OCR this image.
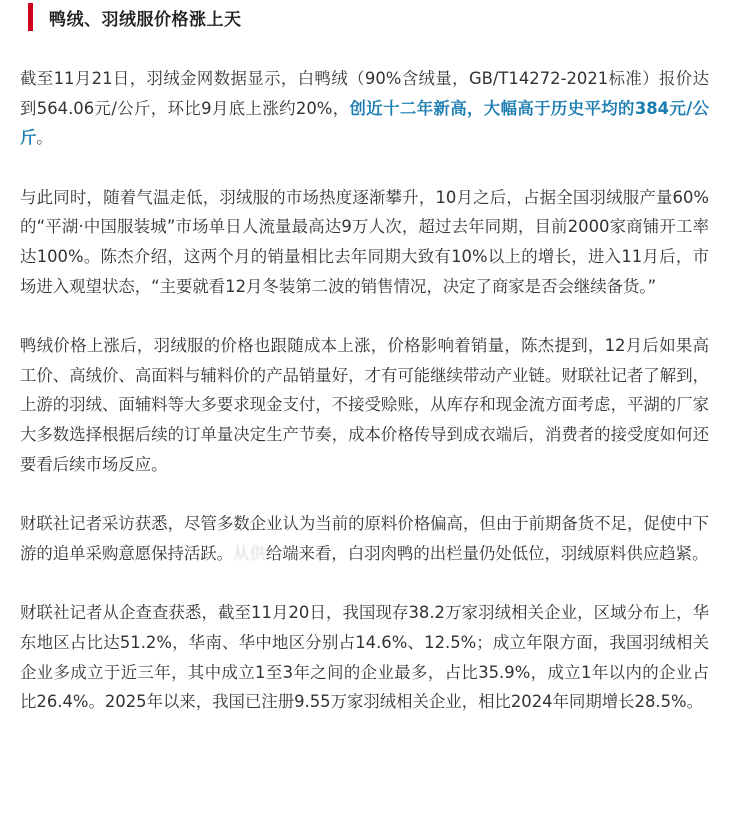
鸭绒、羽绒服价格涨上天

截至11月21日，羽绒金网数据显示，白鸭绒（90%含绒量，GB/T14272-2021标准）报价达到564.06元/公斤，环比9月底上涨约20%，创近十二年新高，大幅高于历史平均的384元/公斤。

与此同时，随着气温走低，羽绒服的市场热度逐渐攀升，10月之后，占据全国羽绒服产量60%的“平湖·中国服装城”市场单日人流量最高达9万人次，超过去年同期，目前2000家商铺开工率达100%。陈杰介绍，这两个月的销量相比去年同期大致有10%以上的增长，进入11月后，市场进入观望状态，“主要就看12月冬装第二波的销售情况，决定了商家是否会继续备货。”

鸭绒价格上涨后，羽绒服的价格也跟随成本上涨，价格影响着销量，陈杰提到，12月后如果高工价、高绒价、高面料与辅料价的产品销量好，才有可能继续带动产业链。财联社记者了解到，上游的羽绒、面辅料等大多要求现金支付，不接受赊账，从库存和现金流方面考虑，平湖的厂家大多数选择根据后续的订单量决定生产节奏，成本价格传导到成衣端后，消费者的接受度如何还要看后续市场反应。

财联社记者采访获悉，尽管多数企业认为当前的原料价格偏高，但由于前期备货不足，促使中下游的追单采购意愿保持活跃。从供给端来看，白羽肉鸭的出栏量仍处低位，羽绒原料供应趋紧。

财联社记者从企查查获悉，截至11月20日，我国现存38.2万家羽绒相关企业，区域分布上，华东地区占比达51.2%，华南、华中地区分别占14.6%、12.5%；成立年限方面，我国羽绒相关企业多成立于近三年，其中成立1至3年之间的企业最多，占比35.9%，成立1年以内的企业占比26.4%。2025年以来，我国已注册9.55万家羽绒相关企业，相比2024年同期增长28.5%。
